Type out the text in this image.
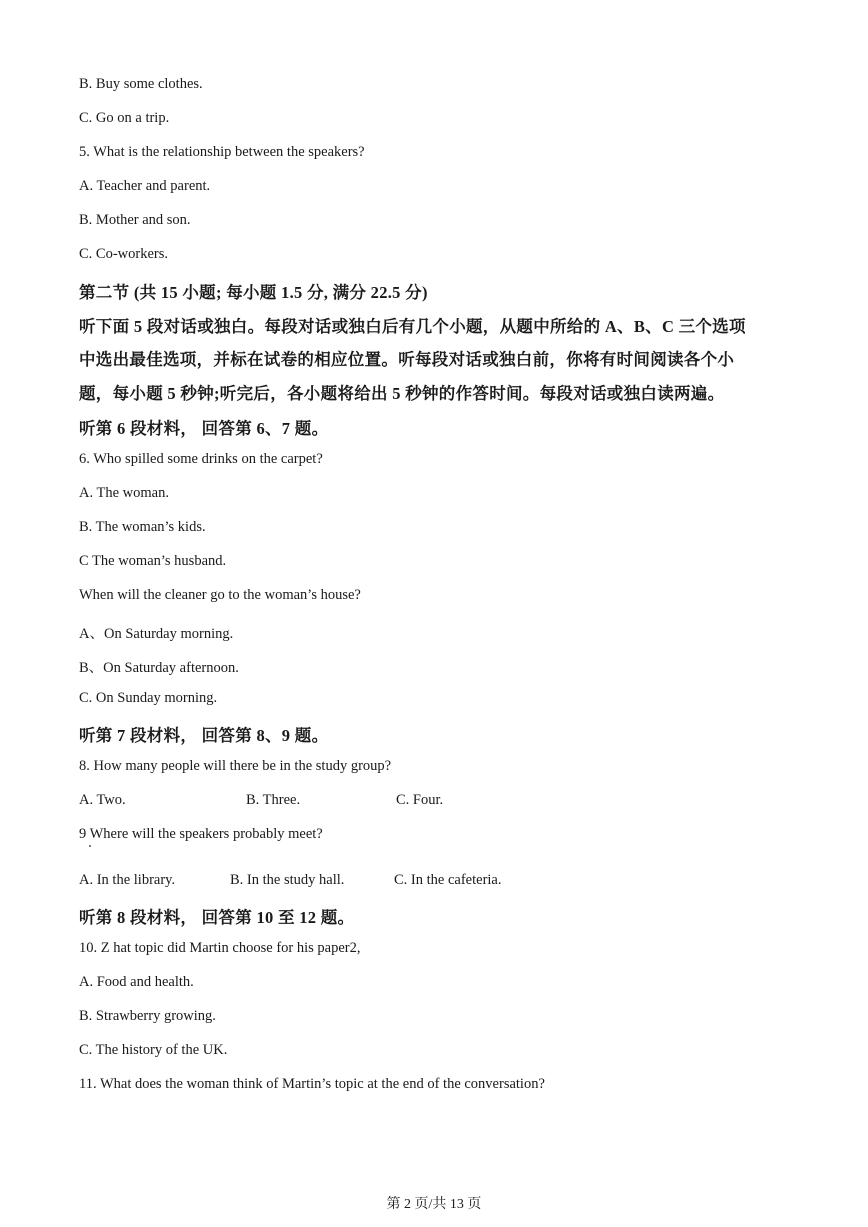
B. Buy some clothes.
C. Go on a trip.
5. What is the relationship between the speakers?
A. Teacher and parent.
B. Mother and son.
C. Co-workers.
第二节 (共 15 小题; 每小题 1.5 分, 满分 22.5 分)
听下面 5 段对话或独白。每段对话或独白后有几个小题，从题中所给的 A、B、C 三个选项
中选出最佳选项，并标在试卷的相应位置。听每段对话或独白前，你将有时间阅读各个小
题，每小题 5 秒钟;听完后，各小题将给出 5 秒钟的作答时间。每段对话或独白读两遍。
听第 6 段材料， 回答第 6、7 题。
6. Who spilled some drinks on the carpet?
A. The woman.
B. The woman’s kids.
C The woman’s husband.
When will the cleaner go to the woman’s house?
A、On Saturday morning.
B、On Saturday afternoon.
C. On Sunday morning.
听第 7 段材料， 回答第 8、9 题。
8. How many people will there be in the study group?
A. Two.	B. Three.	C. Four.
9 Where will the speakers probably meet?
A. In the library.	B. In the study hall.	C. In the cafeteria.
听第 8 段材料， 回答第 10 至 12 题。
10. Z hat topic did Martin choose for his paper2,
A. Food and health.
B. Strawberry growing.
C. The history of the UK.
11. What does the woman think of Martin’s topic at the end of the conversation?
第 2 页/共 13 页
